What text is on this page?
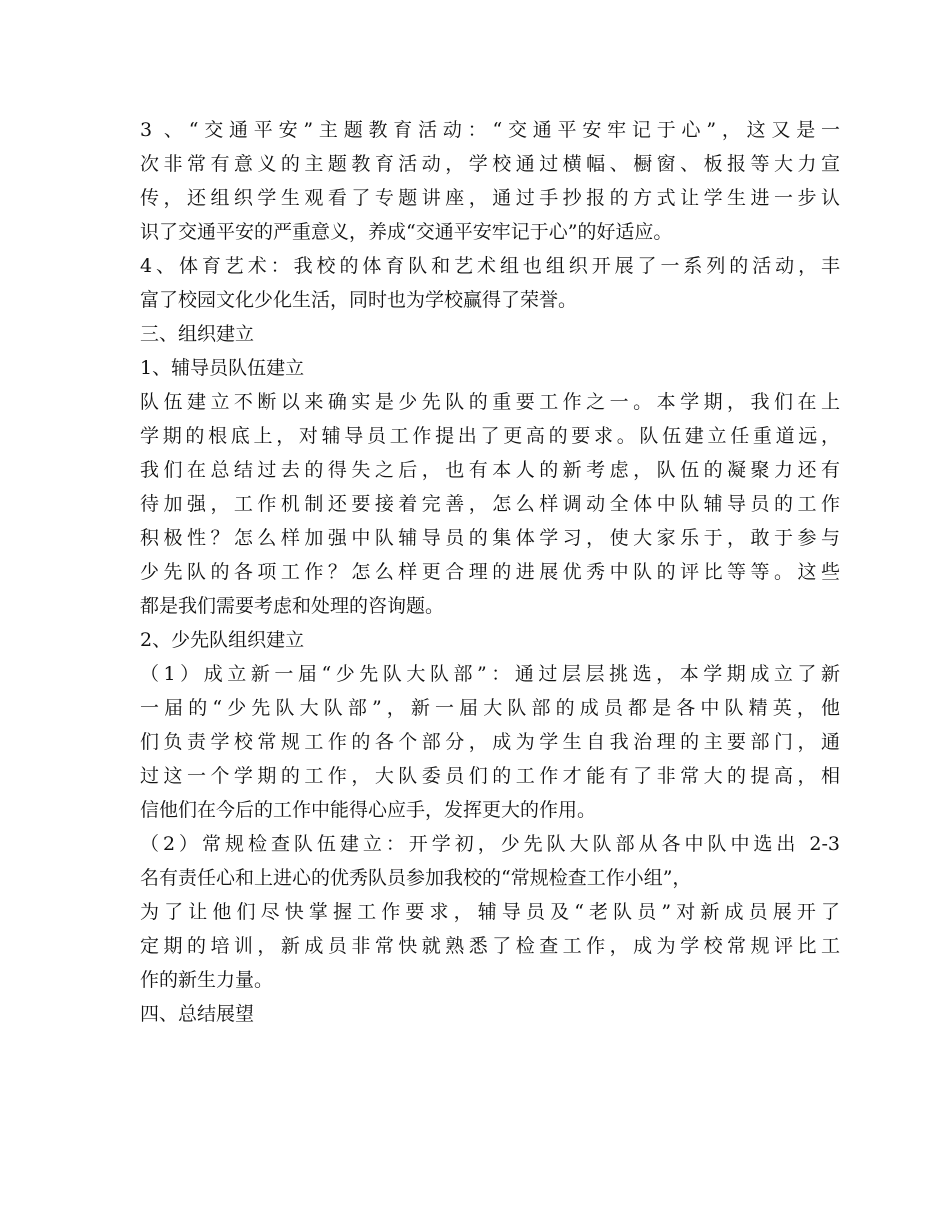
3 、“交通平安”主题教育活动：“交通平安牢记于心”，这又是一
次非常有意义的主题教育活动，学校通过横幅、橱窗、板报等大力宣
传，还组织学生观看了专题讲座，通过手抄报的方式让学生进一步认
识了交通平安的严重意义，养成“交通平安牢记于心”的好适应。
4、体育艺术：我校的体育队和艺术组也组织开展了一系列的活动，丰
富了校园文化少化生活，同时也为学校赢得了荣誉。
三、组织建立
1、辅导员队伍建立
队伍建立不断以来确实是少先队的重要工作之一。本学期，我们在上
学期的根底上，对辅导员工作提出了更高的要求。队伍建立任重道远，
我们在总结过去的得失之后，也有本人的新考虑，队伍的凝聚力还有
待加强，工作机制还要接着完善，怎么样调动全体中队辅导员的工作
积极性？怎么样加强中队辅导员的集体学习，使大家乐于，敢于参与
少先队的各项工作？怎么样更合理的进展优秀中队的评比等等。这些
都是我们需要考虑和处理的咨询题。
2、少先队组织建立
（1）成立新一届“少先队大队部”：通过层层挑选，本学期成立了新
一届的“少先队大队部”，新一届大队部的成员都是各中队精英，他
们负责学校常规工作的各个部分，成为学生自我治理的主要部门，通
过这一个学期的工作，大队委员们的工作才能有了非常大的提高，相
信他们在今后的工作中能得心应手，发挥更大的作用。
（2）常规检查队伍建立：开学初，少先队大队部从各中队中选出 2-3
名有责任心和上进心的优秀队员参加我校的“常规检查工作小组”，
为了让他们尽快掌握工作要求，辅导员及“老队员”对新成员展开了
定期的培训，新成员非常快就熟悉了检查工作，成为学校常规评比工
作的新生力量。
四、总结展望
